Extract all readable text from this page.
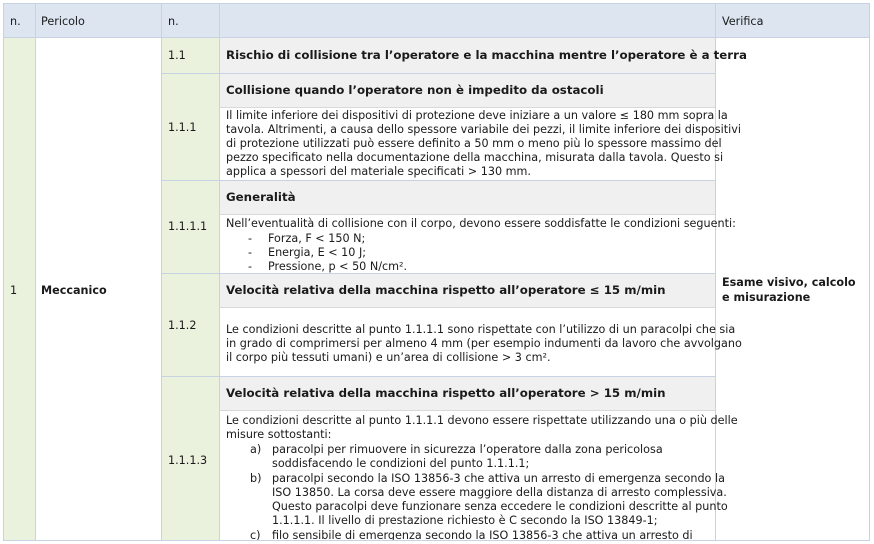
n. Pericolo	n.	Verifica
1 Meccanico
Esame visivo, calcolo e misurazione
1.1
1.1.1
1.1.1.1
1.1.2
1.1.1.3
Rischio di collisione tra l’operatore e la macchina mentre l’operatore è a terra
Collisione quando l’operatore non è impedito da ostacoli
Generalità
Velocità relativa della macchina rispetto all’operatore ≤ 15 m/min
Velocità relativa della macchina rispetto all’operatore > 15 m/min
Il limite inferiore dei dispositivi di protezione deve iniziare a un valore ≤ 180 mm sopra la
tavola. Altrimenti, a causa dello spessore variabile dei pezzi, il limite inferiore dei dispositivi
di protezione utilizzati può essere definito a 50 mm o meno più lo spessore massimo del
pezzo specificato nella documentazione della macchina, misurata dalla tavola. Questo si
applica a spessori del materiale specificati > 130 mm.
Nell’eventualità di collisione con il corpo, devono essere soddisfatte le condizioni seguenti:
- Forza, F < 150 N;
- Energia, E < 10 J;
- Pressione, p < 50 N/cm².
Le condizioni descritte al punto 1.1.1.1 sono rispettate con l’utilizzo di un paracolpi che sia
in grado di comprimersi per almeno 4 mm (per esempio indumenti da lavoro che avvolgano
il corpo più tessuti umani) e un’area di collisione > 3 cm².
Le condizioni descritte al punto 1.1.1.1 devono essere rispettate utilizzando una o più delle
misure sottostanti:
a) paracolpi per rimuovere in sicurezza l’operatore dalla zona pericolosa
soddisfacendo le condizioni del punto 1.1.1.1;
b) paracolpi secondo la ISO 13856-3 che attiva un arresto di emergenza secondo la
ISO 13850. La corsa deve essere maggiore della distanza di arresto complessiva.
Questo paracolpi deve funzionare senza eccedere le condizioni descritte al punto
1.1.1.1. Il livello di prestazione richiesto è C secondo la ISO 13849-1;
c) filo sensibile di emergenza secondo la ISO 13856-3 che attiva un arresto di
